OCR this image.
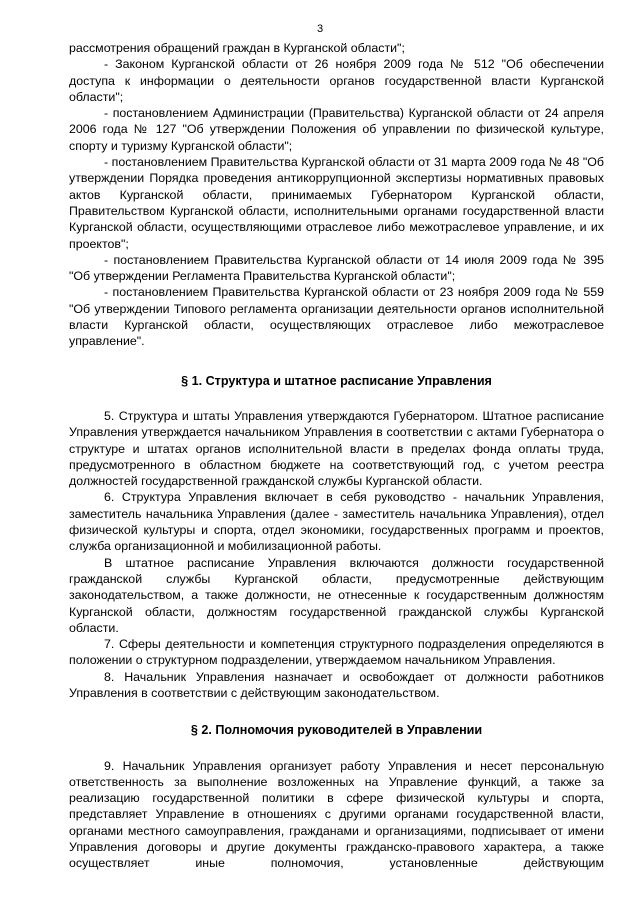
3

рассмотрения обращений граждан в Курганской области";

- Законом Курганской области от 26 ноября 2009 года № 512 "Об обеспечении доступа к информации о деятельности органов государственной власти Курганской области";

- постановлением Администрации (Правительства) Курганской области от 24 апреля 2006 года № 127 "Об утверждении Положения об управлении по физической культуре, спорту и туризму Курганской области";

- постановлением Правительства Курганской области от 31 марта 2009 года № 48 "Об утверждении Порядка проведения антикоррупционной экспертизы нормативных правовых актов Курганской области, принимаемых Губернатором Курганской области, Правительством Курганской области, исполнительными органами государственной власти Курганской области, осуществляющими отраслевое либо межотраслевое управление, и их проектов";

- постановлением Правительства Курганской области от 14 июля 2009 года № 395 "Об утверждении Регламента Правительства Курганской области";

- постановлением Правительства Курганской области от 23 ноября 2009 года № 559 "Об утверждении Типового регламента организации деятельности органов исполнительной власти Курганской области, осуществляющих отраслевое либо межотраслевое управление".

§ 1. Структура и штатное расписание Управления

5. Структура и штаты Управления утверждаются Губернатором. Штатное расписание Управления утверждается начальником Управления в соответствии с актами Губернатора о структуре и штатах органов исполнительной власти в пределах фонда оплаты труда, предусмотренного в областном бюджете на соответствующий год, с учетом реестра должностей государственной гражданской службы Курганской области.

6. Структура Управления включает в себя руководство - начальник Управления, заместитель начальника Управления (далее - заместитель начальника Управления), отдел физической культуры и спорта, отдел экономики, государственных программ и проектов, служба организационной и мобилизационной работы.

В штатное расписание Управления включаются должности государственной гражданской службы Курганской области, предусмотренные действующим законодательством, а также должности, не отнесенные к государственным должностям Курганской области, должностям государственной гражданской службы Курганской области.

7. Сферы деятельности и компетенция структурного подразделения определяются в положении о структурном подразделении, утверждаемом начальником Управления.

8. Начальник Управления назначает и освобождает от должности работников Управления в соответствии с действующим законодательством.

§ 2. Полномочия руководителей в Управлении

9. Начальник Управления организует работу Управления и несет персональную ответственность за выполнение возложенных на Управление функций, а также за реализацию государственной политики в сфере физической культуры и спорта, представляет Управление в отношениях с другими органами государственной власти, органами местного самоуправления, гражданами и организациями, подписывает от имени Управления договоры и другие документы гражданско-правового характера, а также осуществляет иные полномочия, установленные действующим
